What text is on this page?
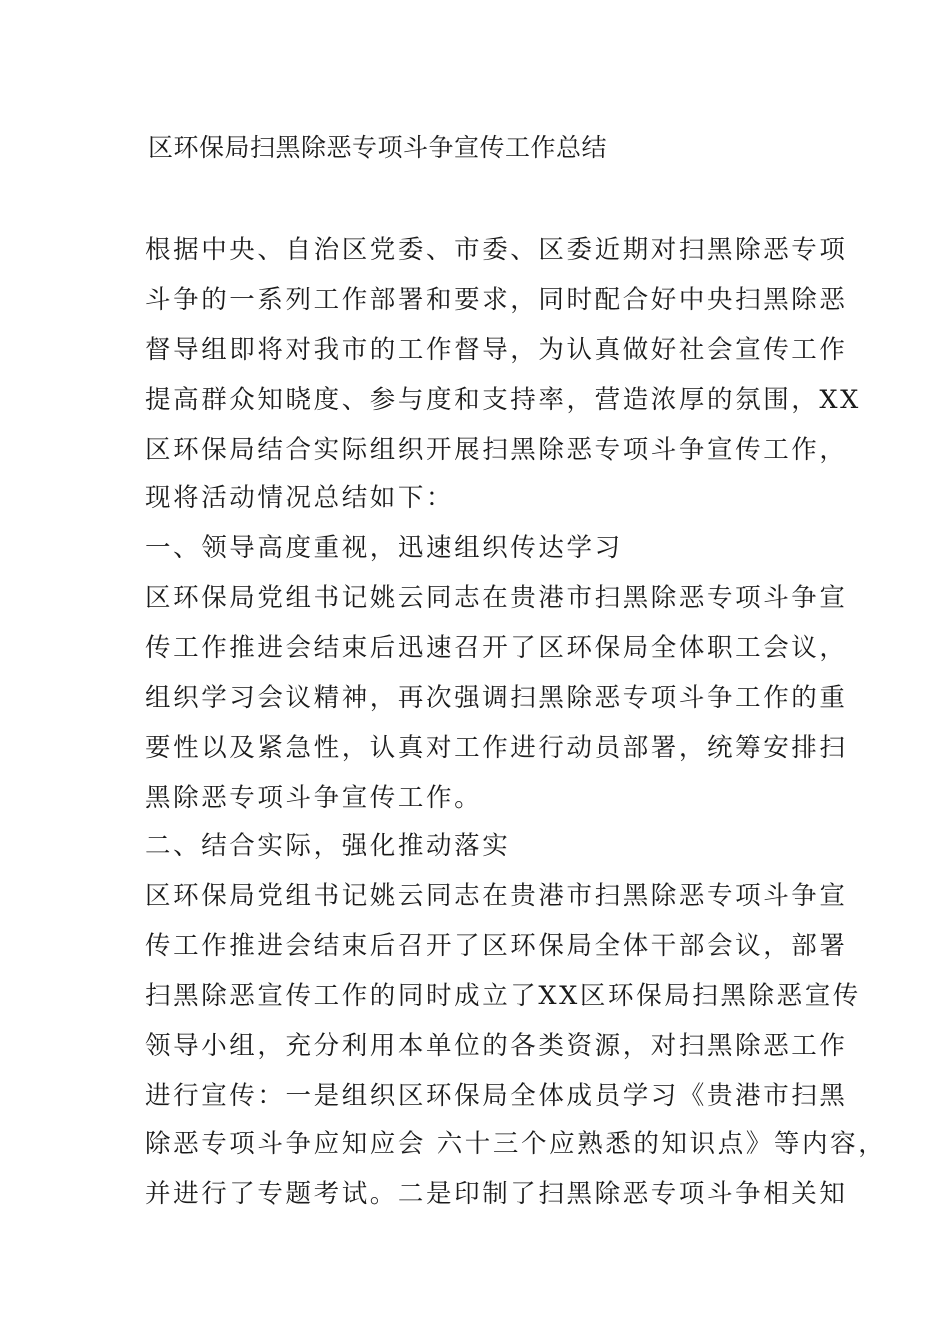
区环保局扫黑除恶专项斗争宣传工作总结
根据中央、自治区党委、市委、区委近期对扫黑除恶专项
斗争的一系列工作部署和要求，同时配合好中央扫黑除恶
督导组即将对我市的工作督导，为认真做好社会宣传工作
提高群众知晓度、参与度和支持率，营造浓厚的氛围，XX
区环保局结合实际组织开展扫黑除恶专项斗争宣传工作，
现将活动情况总结如下：
一、领导高度重视，迅速组织传达学习
区环保局党组书记姚云同志在贵港市扫黑除恶专项斗争宣
传工作推进会结束后迅速召开了区环保局全体职工会议，
组织学习会议精神，再次强调扫黑除恶专项斗争工作的重
要性以及紧急性，认真对工作进行动员部署，统筹安排扫
黑除恶专项斗争宣传工作。
二、结合实际，强化推动落实
区环保局党组书记姚云同志在贵港市扫黑除恶专项斗争宣
传工作推进会结束后召开了区环保局全体干部会议，部署
扫黑除恶宣传工作的同时成立了XX区环保局扫黑除恶宣传
领导小组，充分利用本单位的各类资源，对扫黑除恶工作
进行宣传：一是组织区环保局全体成员学习《贵港市扫黑
除恶专项斗争应知应会 六十三个应熟悉的知识点》等内容，
并进行了专题考试。二是印制了扫黑除恶专项斗争相关知
